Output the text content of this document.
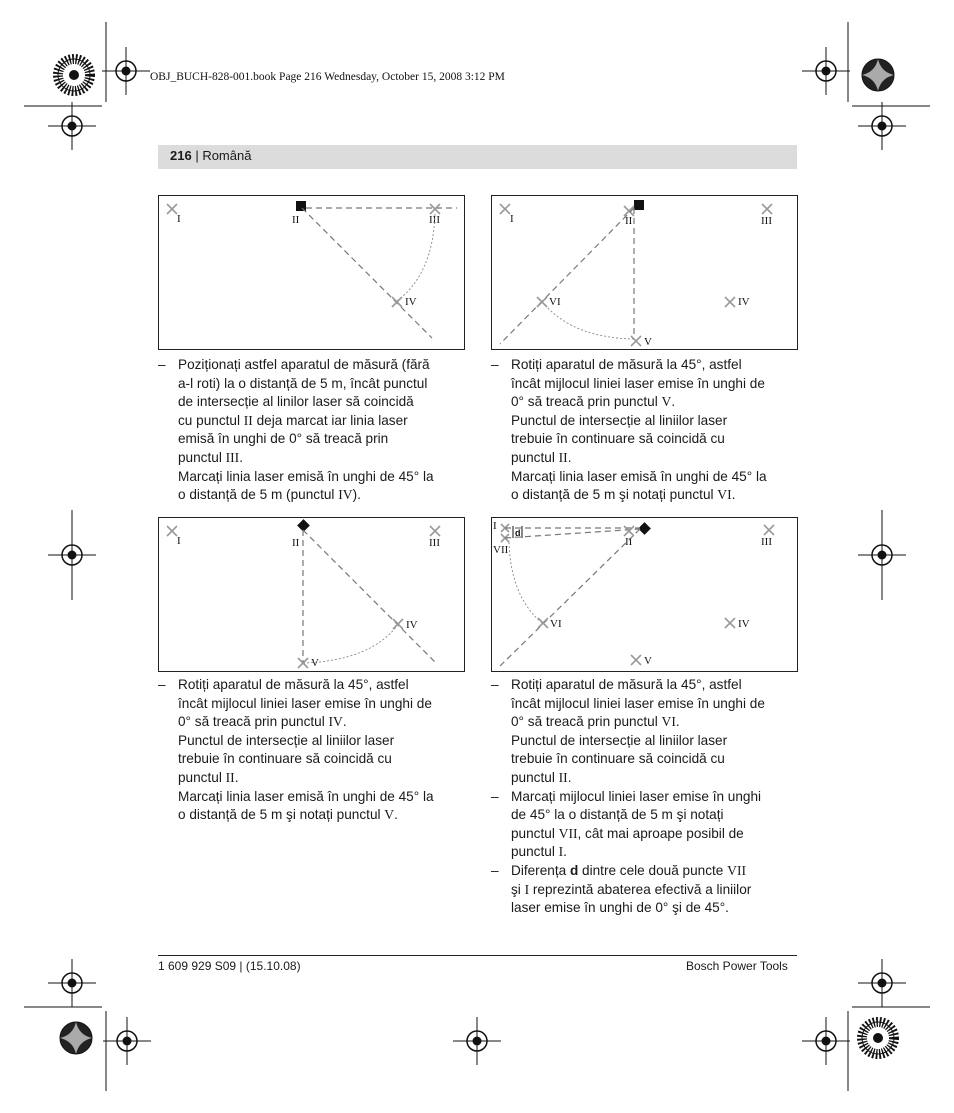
OBJ_BUCH-828-001.book Page 216 Wednesday, October 15, 2008 3:12 PM
216 | Română
I	II	III
IV
I	II	III
VI	IV
V
I	II	III
IV
V
I
VII
d
II	III
VI	IV
V
– Poziționați astfel aparatul de măsură (fără

a-l roti) la o distanță de 5 m, încât punctul

de intersecție al linilor laser să coincidă

cu punctul II deja marcat iar linia laser

emisă în unghi de 0° să treacă prin

punctul III.

Marcați linia laser emisă în unghi de 45° la

o distanță de 5 m (punctul IV).

– Rotiți aparatul de măsură la 45°, astfel

încât mijlocul liniei laser emise în unghi de

0° să treacă prin punctul V.

Punctul de intersecție al liniilor laser

trebuie în continuare să coincidă cu

punctul II.

Marcați linia laser emisă în unghi de 45° la

o distanță de 5 m şi notați punctul VI.

– Rotiți aparatul de măsură la 45°, astfel

încât mijlocul liniei laser emise în unghi de

0° să treacă prin punctul IV.

Punctul de intersecție al liniilor laser

trebuie în continuare să coincidă cu

punctul II.

Marcați linia laser emisă în unghi de 45° la

o distanță de 5 m şi notați punctul V.

– Rotiți aparatul de măsură la 45°, astfel

încât mijlocul liniei laser emise în unghi de

0° să treacă prin punctul VI.

Punctul de intersecție al liniilor laser

trebuie în continuare să coincidă cu

punctul II.

– Marcați mijlocul liniei laser emise în unghi

de 45° la o distanță de 5 m şi notați

punctul VII, cât mai aproape posibil de

punctul I.

– Diferența d dintre cele două puncte VII

şi I reprezintă abaterea efectivă a liniilor

laser emise în unghi de 0° şi de 45°.

1 609 929 S09 | (15.10.08)	Bosch Power Tools
